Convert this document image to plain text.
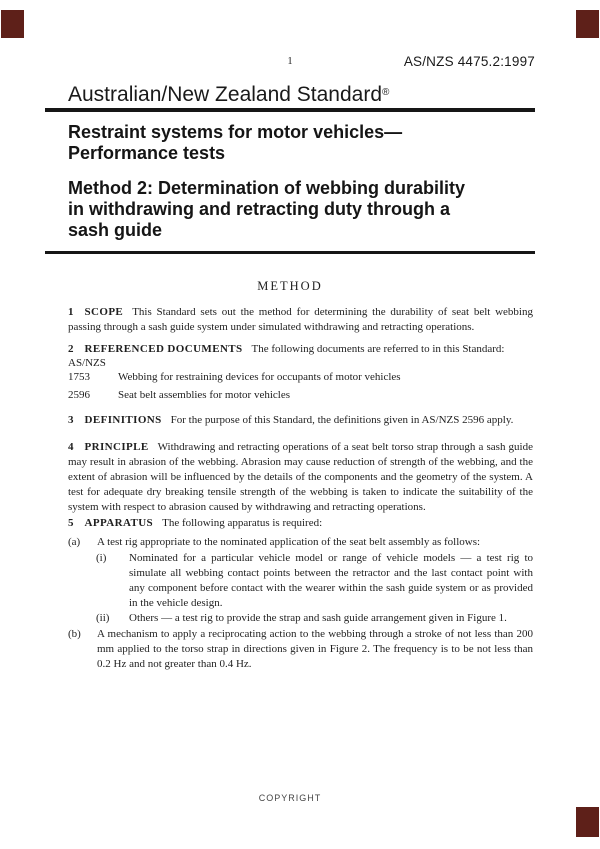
1	AS/NZS 4475.2:1997
Australian/New Zealand Standard®
Restraint systems for motor vehicles—
Performance tests
Method 2: Determination of webbing durability
in withdrawing and retracting duty through a
sash guide
METHOD

1 SCOPE This Standard sets out the method for determining the durability of seat belt webbing passing through a sash guide system under simulated withdrawing and retracting operations.

2 REFERENCED DOCUMENTS The following documents are referred to in this Standard:

AS/NZS
1753	Webbing for restraining devices for occupants of motor vehicles
2596	Seat belt assemblies for motor vehicles

3 DEFINITIONS For the purpose of this Standard, the definitions given in AS/NZS 2596 apply.

4 PRINCIPLE Withdrawing and retracting operations of a seat belt torso strap through a sash guide may result in abrasion of the webbing. Abrasion may cause reduction of strength of the webbing, and the extent of abrasion will be influenced by the details of the components and the geometry of the system. A test for adequate dry breaking tensile strength of the webbing is taken to indicate the suitability of the system with respect to abrasion caused by withdrawing and retracting operations.

5 APPARATUS The following apparatus is required:

(a)	A test rig appropriate to the nominated application of the seat belt assembly as follows:
(i)	Nominated for a particular vehicle model or range of vehicle models — a test rig to simulate all webbing contact points between the retractor and the last contact point with any component before contact with the wearer within the sash guide system or as provided in the vehicle design.
(ii)	Others — a test rig to provide the strap and sash guide arrangement given in Figure 1.
(b)	A mechanism to apply a reciprocating action to the webbing through a stroke of not less than 200 mm applied to the torso strap in directions given in Figure 2. The frequency is to be not less than 0.2 Hz and not greater than 0.4 Hz.
COPYRIGHT
